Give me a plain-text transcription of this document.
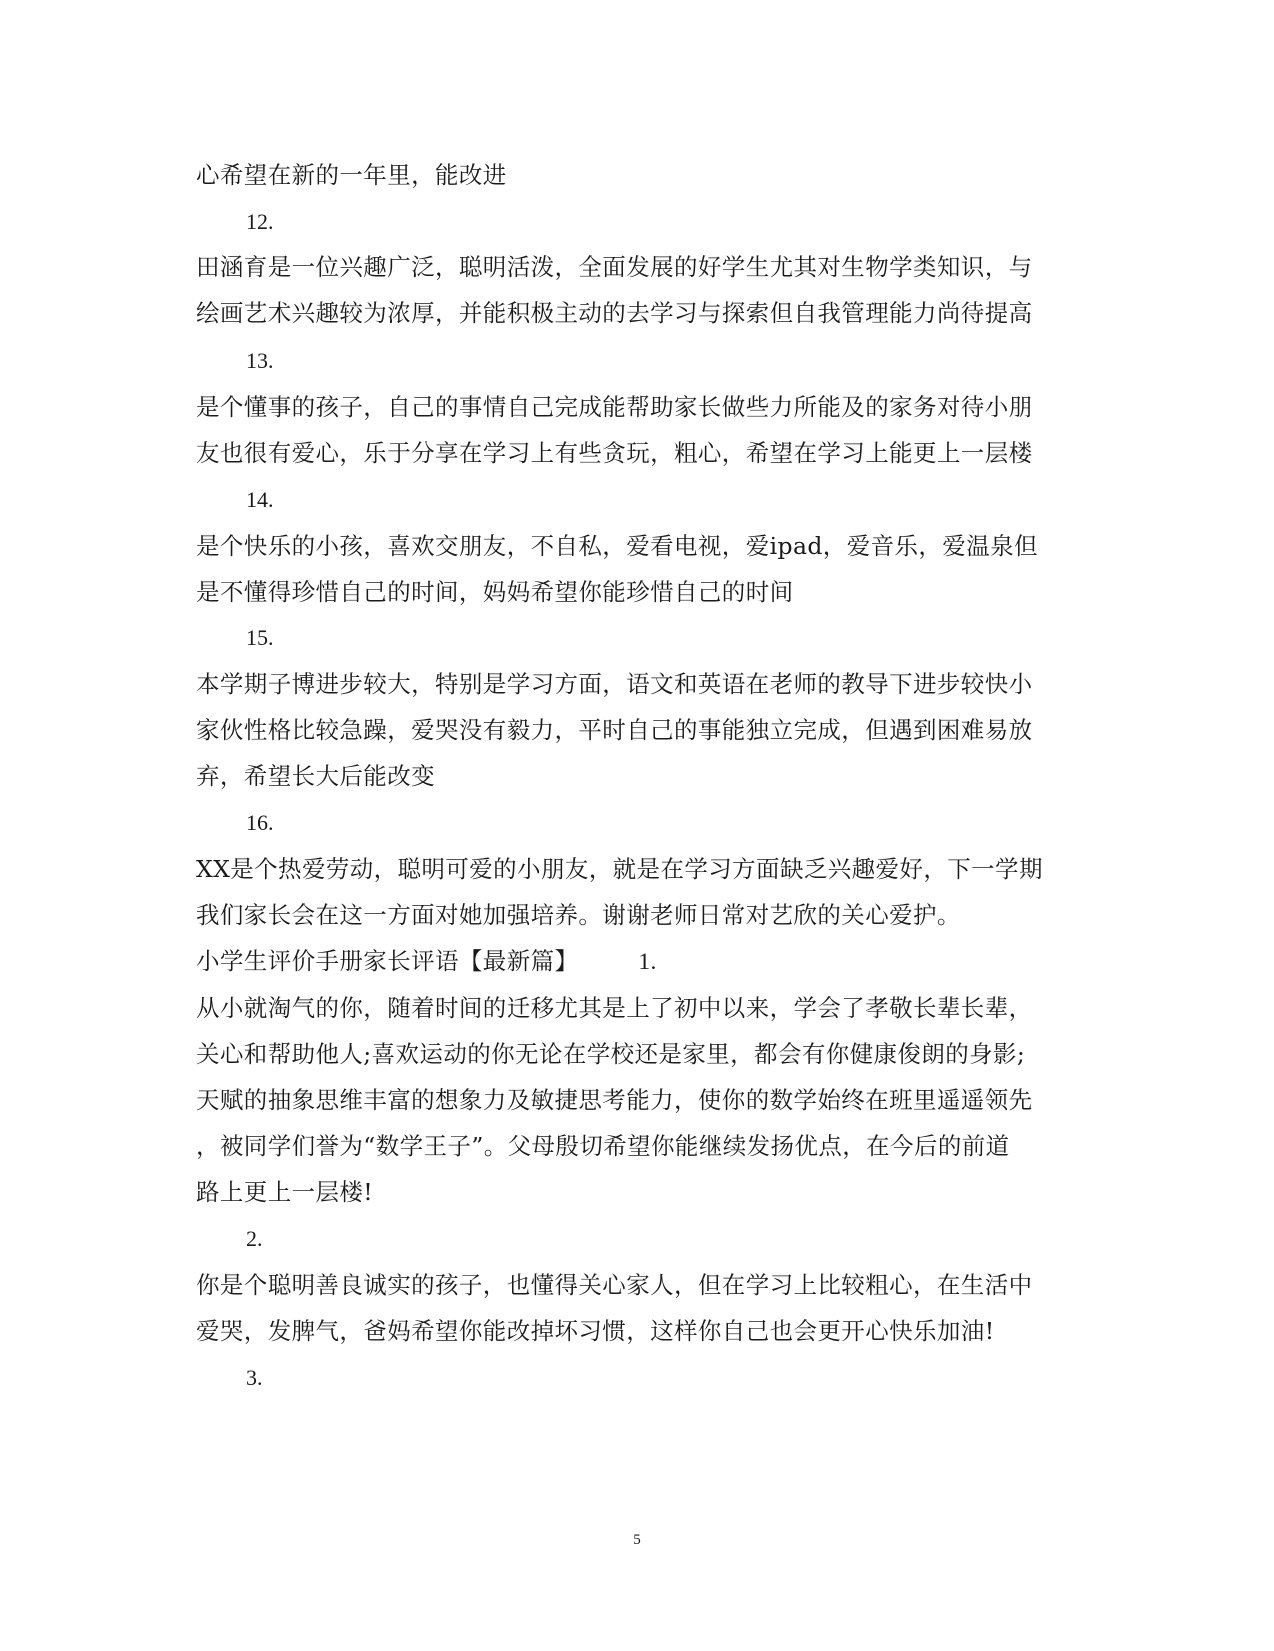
心希望在新的一年里，能改进
12.
田涵育是一位兴趣广泛，聪明活泼，全面发展的好学生尤其对生物学类知识，与
绘画艺术兴趣较为浓厚，并能积极主动的去学习与探索但自我管理能力尚待提高
13.
是个懂事的孩子，自己的事情自己完成能帮助家长做些力所能及的家务对待小朋
友也很有爱心，乐于分享在学习上有些贪玩，粗心，希望在学习上能更上一层楼
14.
是个快乐的小孩，喜欢交朋友，不自私，爱看电视，爱ipad，爱音乐，爱温泉但
是不懂得珍惜自己的时间，妈妈希望你能珍惜自己的时间
15.
本学期子博进步较大，特别是学习方面，语文和英语在老师的教导下进步较快小
家伙性格比较急躁，爱哭没有毅力，平时自己的事能独立完成，但遇到困难易放
弃，希望长大后能改变
16.
XX是个热爱劳动，聪明可爱的小朋友，就是在学习方面缺乏兴趣爱好，下一学期
我们家长会在这一方面对她加强培养。谢谢老师日常对艺欣的关心爱护。
小学生评价手册家长评语【最新篇】	1.
从小就淘气的你，随着时间的迁移尤其是上了初中以来，学会了孝敬长辈长辈，
关心和帮助他人;喜欢运动的你无论在学校还是家里，都会有你健康俊朗的身影;
天赋的抽象思维丰富的想象力及敏捷思考能力，使你的数学始终在班里遥遥领先
，被同学们誉为“数学王子”。父母殷切希望你能继续发扬优点，在今后的前道
路上更上一层楼!
2.
你是个聪明善良诚实的孩子，也懂得关心家人，但在学习上比较粗心，在生活中
爱哭，发脾气，爸妈希望你能改掉坏习惯，这样你自己也会更开心快乐加油!
3.
5
